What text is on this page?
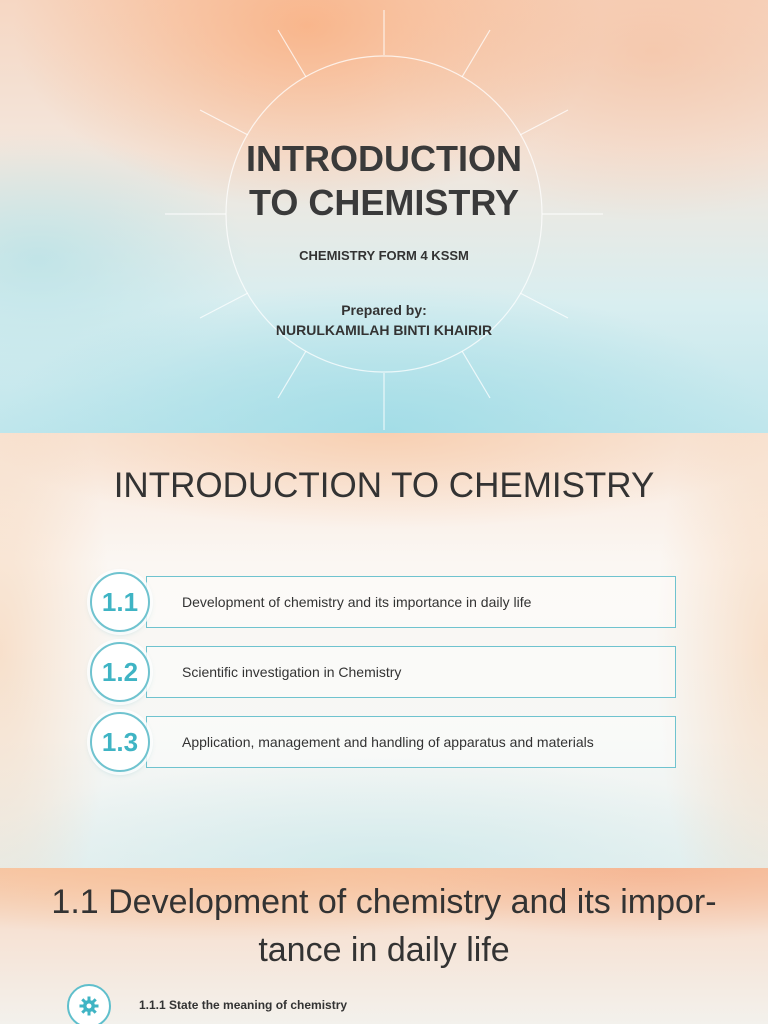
INTRODUCTION
TO CHEMISTRY
CHEMISTRY FORM 4 KSSM
Prepared by:
NURULKAMILAH BINTI KHAIRIR
INTRODUCTION TO CHEMISTRY
Development of chemistry and its importance in daily life
1.1
Scientific investigation in Chemistry
1.2
Application, management and handling of apparatus and materials
1.3
1.1 Development of chemistry and its impor-
tance in daily life
1.1.1 State the meaning of chemistry
